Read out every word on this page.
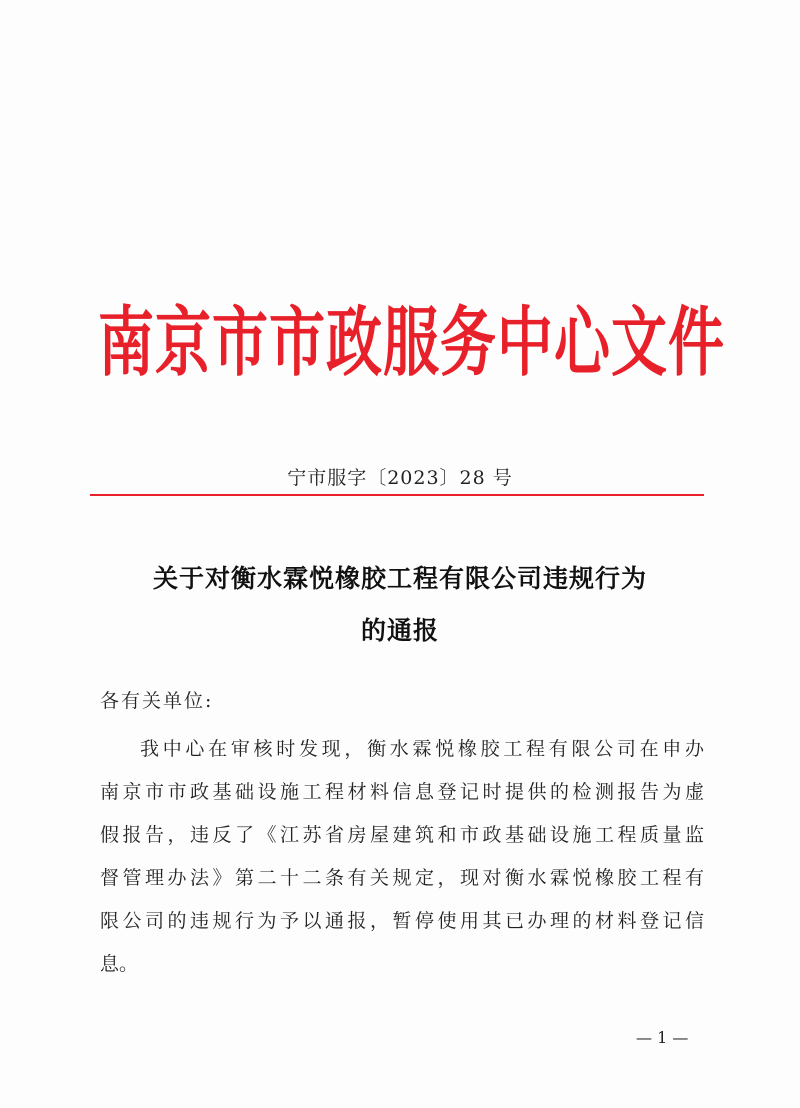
南京市市政服务中心文件
宁市服字〔2023〕28 号
关于对衡水霖悦橡胶工程有限公司违规行为
的通报
各有关单位:
我中心在审核时发现，衡水霖悦橡胶工程有限公司在申办
南京市市政基础设施工程材料信息登记时提供的检测报告为虚
假报告，违反了《江苏省房屋建筑和市政基础设施工程质量监
督管理办法》第二十二条有关规定，现对衡水霖悦橡胶工程有
限公司的违规行为予以通报，暂停使用其已办理的材料登记信
息。
— 1 —
